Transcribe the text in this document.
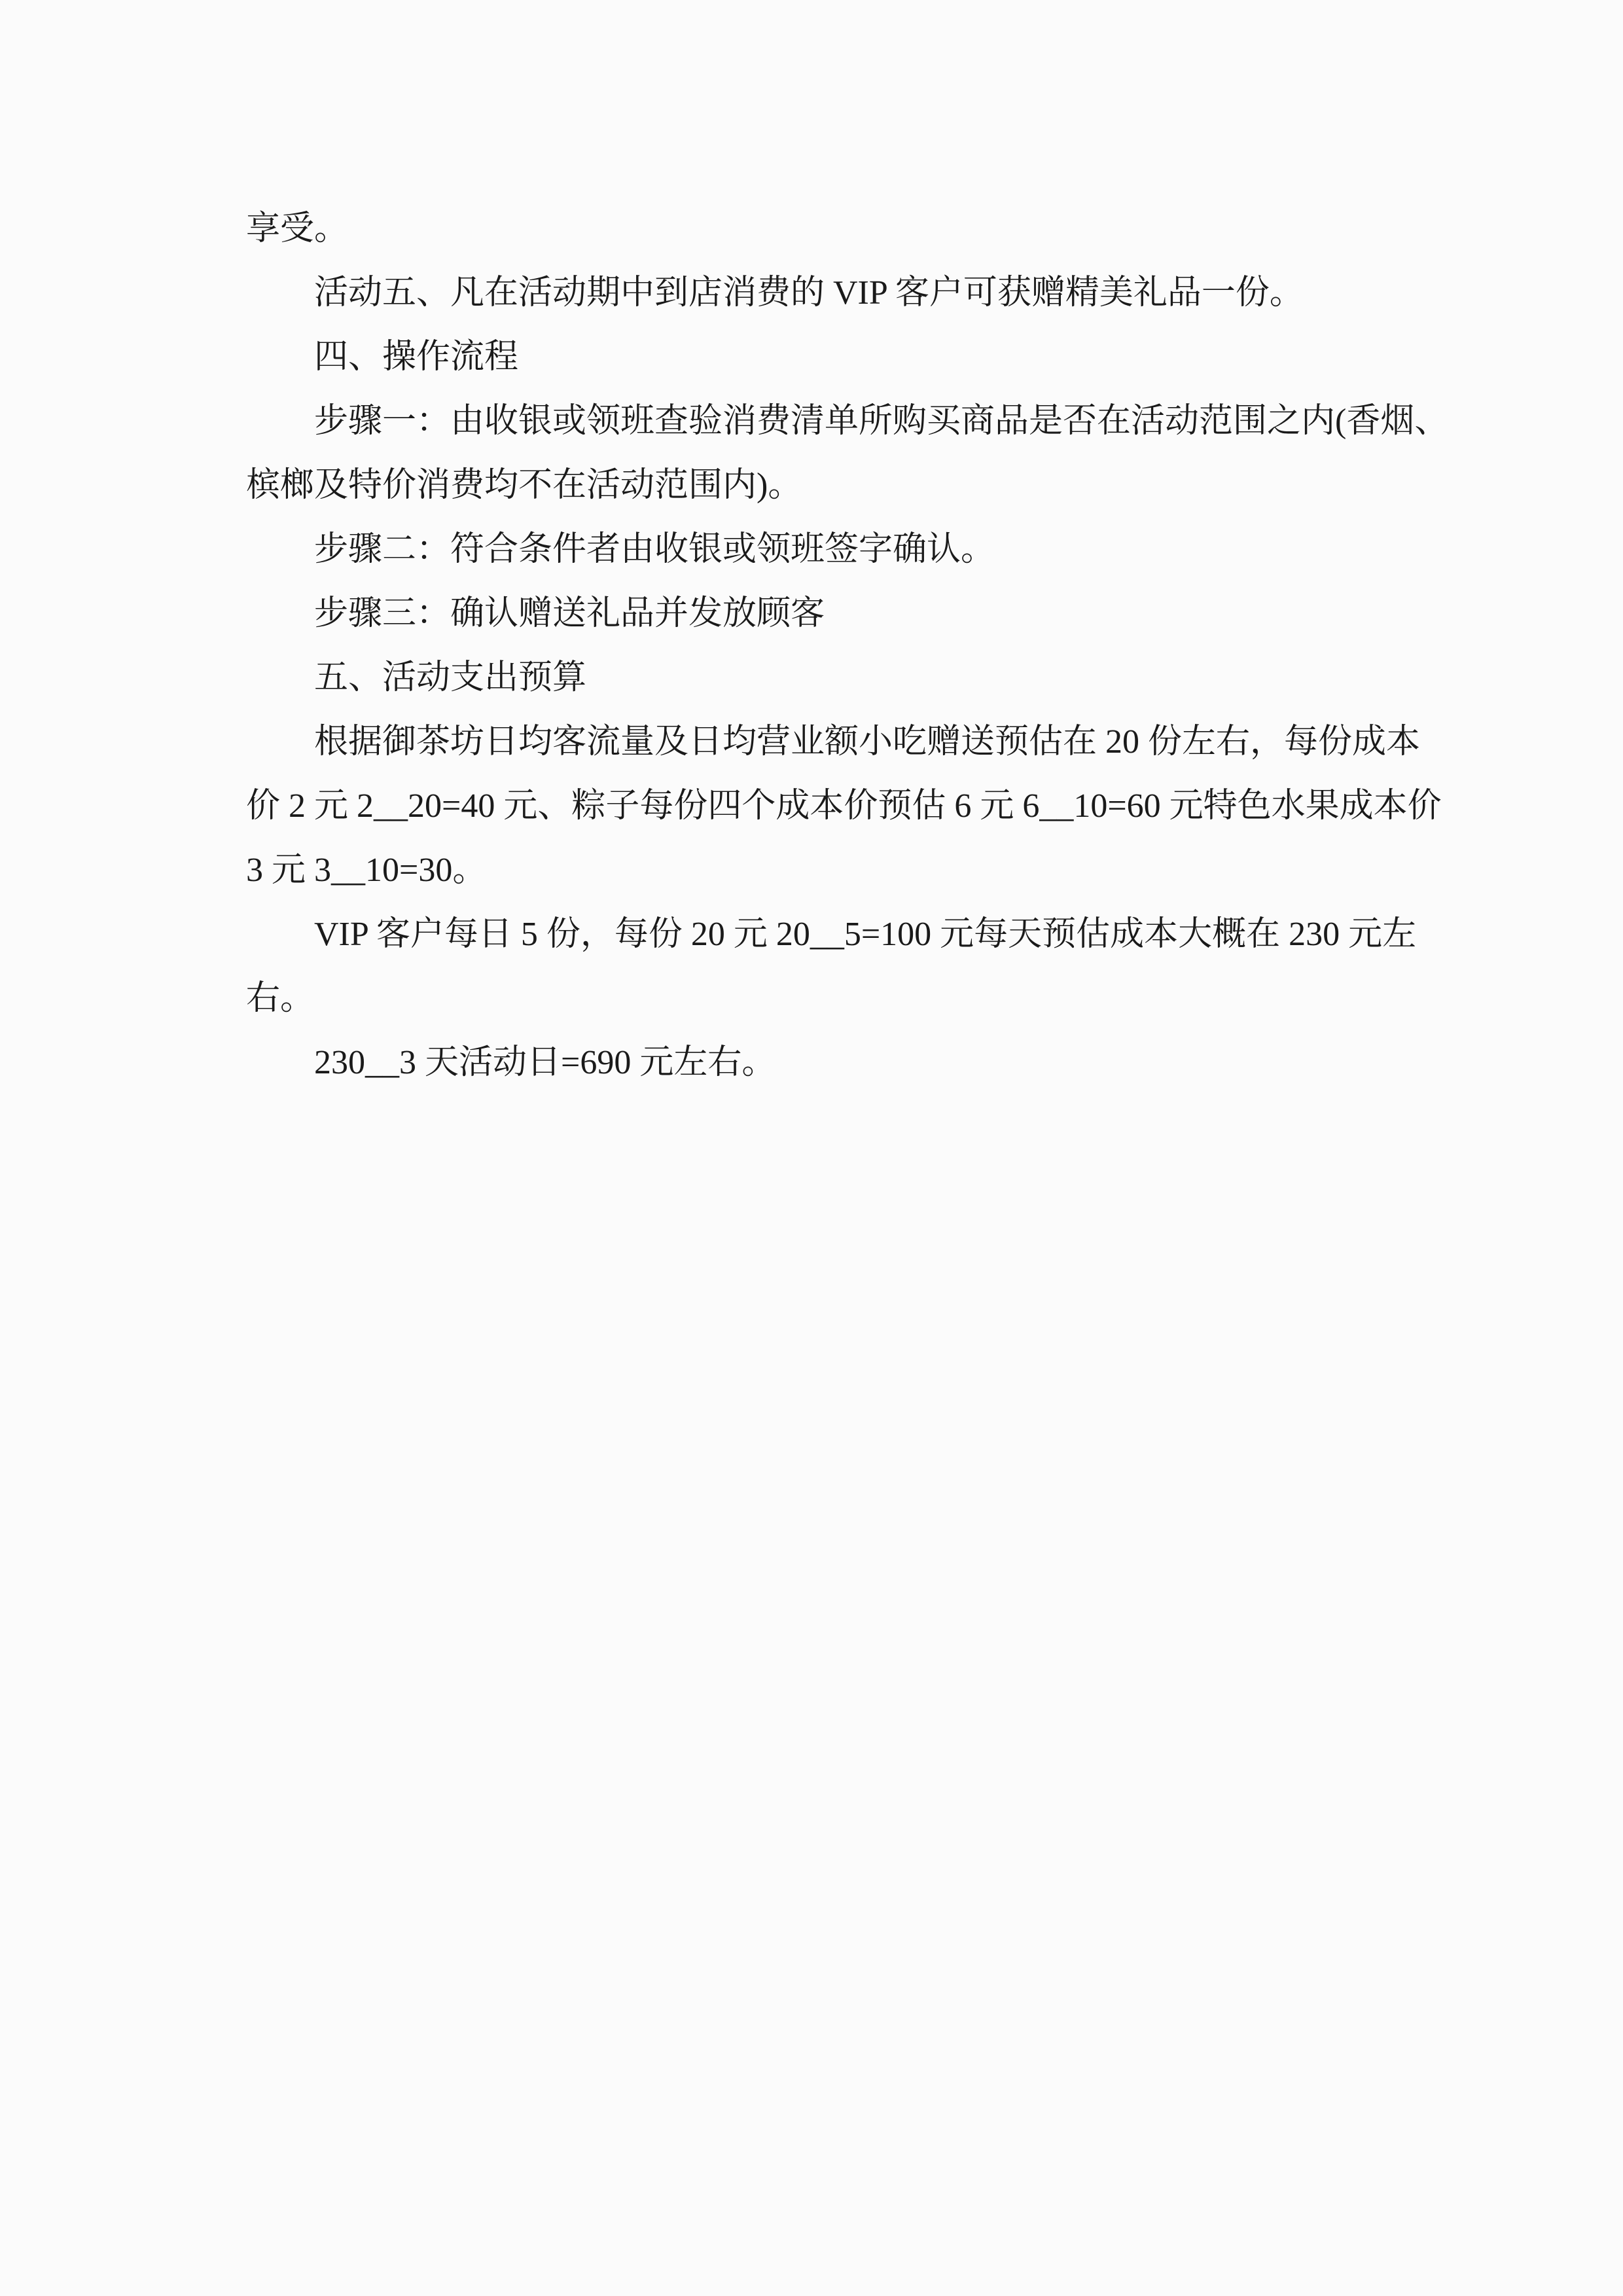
享受。

活动五、凡在活动期中到店消费的 VIP 客户可获赠精美礼品一份。

四、操作流程

步骤一：由收银或领班查验消费清单所购买商品是否在活动范围之内(香烟、

槟榔及特价消费均不在活动范围内)。

步骤二：符合条件者由收银或领班签字确认。

步骤三：确认赠送礼品并发放顾客

五、活动支出预算

根据御茶坊日均客流量及日均营业额小吃赠送预估在 20 份左右，每份成本

价 2 元 2__20=40 元、粽子每份四个成本价预估 6 元 6__10=60 元特色水果成本价

3 元 3__10=30。

VIP 客户每日 5 份，每份 20 元 20__5=100 元每天预估成本大概在 230 元左

右。

230__3 天活动日=690 元左右。
